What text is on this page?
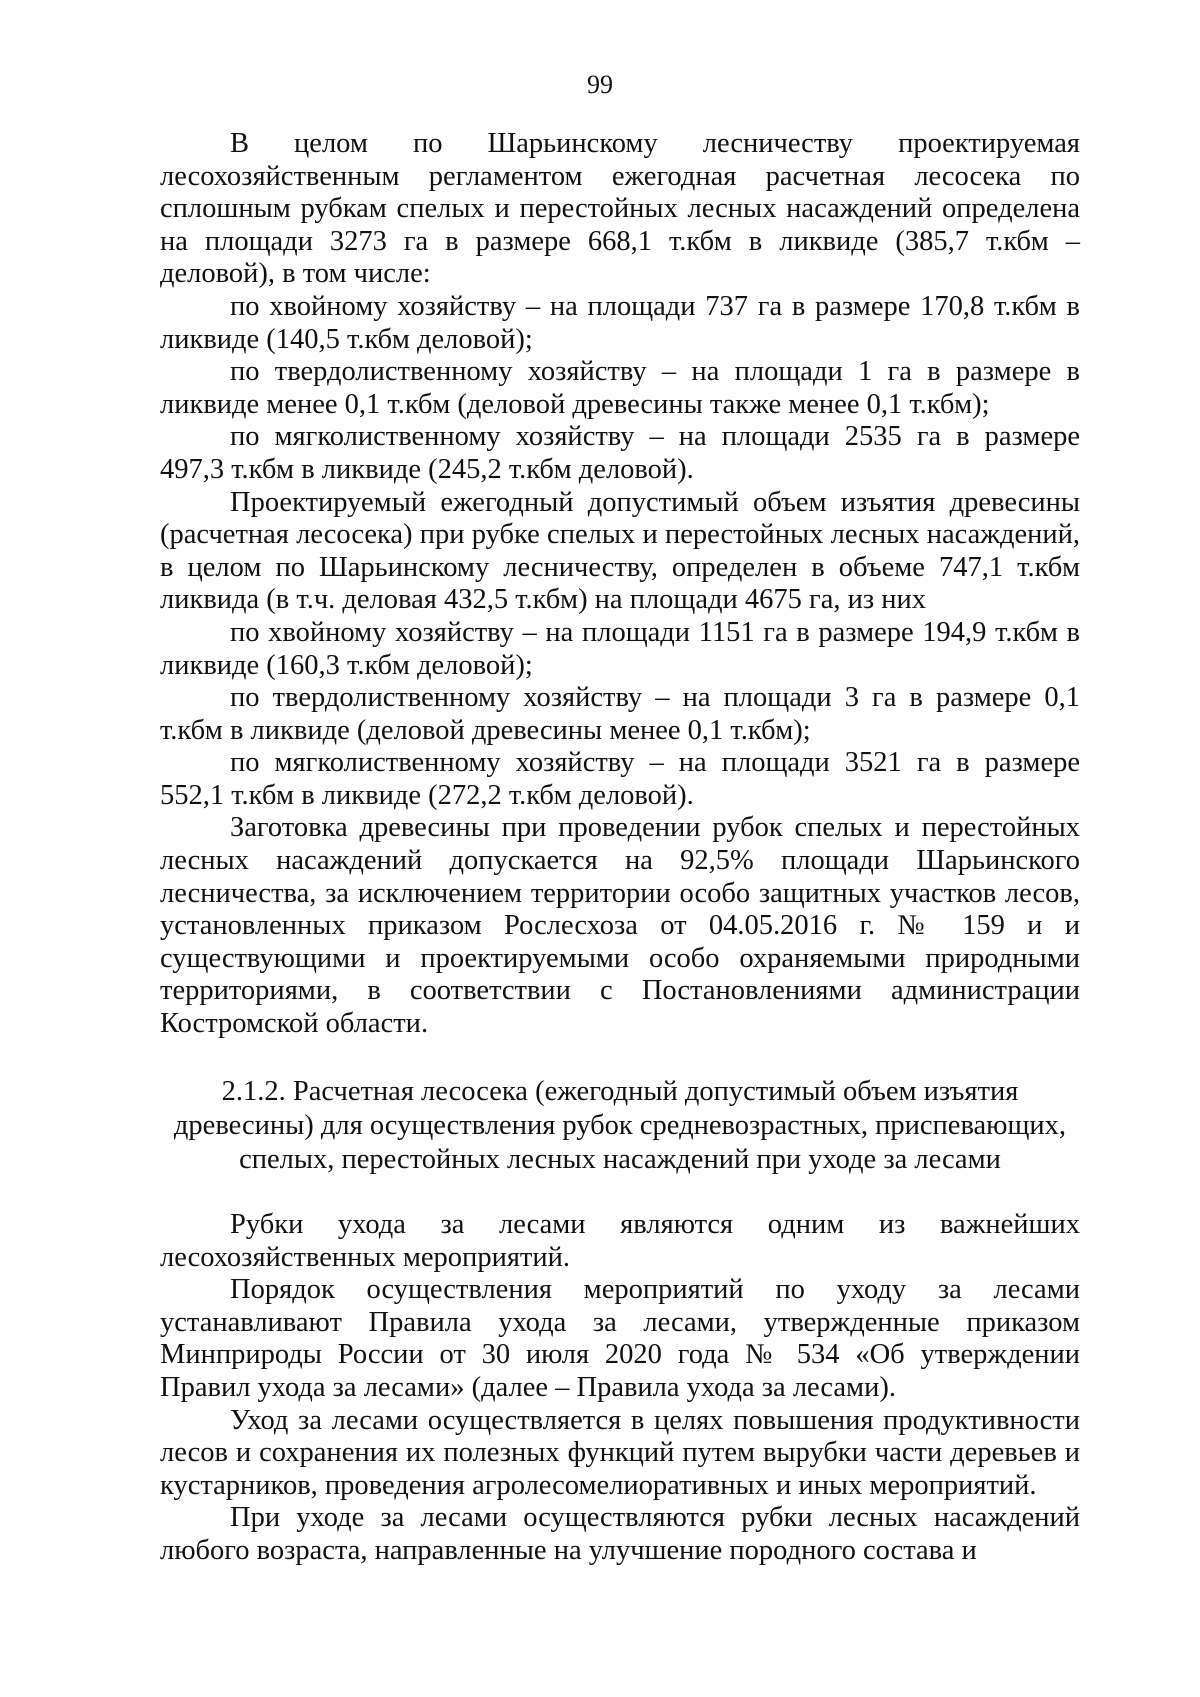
99

В целом по Шарьинскому лесничеству проектируемая лесохозяйственным регламентом ежегодная расчетная лесосека по сплошным рубкам спелых и перестойных лесных насаждений определена на площади 3273 га в размере 668,1 т.кбм в ликвиде (385,7 т.кбм – деловой), в том числе:

по хвойному хозяйству – на площади 737 га в размере 170,8 т.кбм в ликвиде (140,5 т.кбм деловой);

по твердолиственному хозяйству – на площади 1 га в размере в ликвиде менее 0,1 т.кбм (деловой древесины также менее 0,1 т.кбм);

по мягколиственному хозяйству – на площади 2535 га в размере 497,3 т.кбм в ликвиде (245,2 т.кбм деловой).

Проектируемый ежегодный допустимый объем изъятия древесины (расчетная лесосека) при рубке спелых и перестойных лесных насаждений, в целом по Шарьинскому лесничеству, определен в объеме 747,1 т.кбм ликвида (в т.ч. деловая 432,5 т.кбм) на площади 4675 га, из них

по хвойному хозяйству – на площади 1151 га в размере 194,9 т.кбм в ликвиде (160,3 т.кбм деловой);

по твердолиственному хозяйству – на площади 3 га в размере 0,1 т.кбм в ликвиде (деловой древесины менее 0,1 т.кбм);

по мягколиственному хозяйству – на площади 3521 га в размере 552,1 т.кбм в ликвиде (272,2 т.кбм деловой).

Заготовка древесины при проведении рубок спелых и перестойных лесных насаждений допускается на 92,5% площади Шарьинского лесничества, за исключением территории особо защитных участков лесов, установленных приказом Рослесхоза от 04.05.2016 г. № 159 и и существующими и проектируемыми особо охраняемыми природными территориями, в соответствии с Постановлениями администрации Костромской области.

2.1.2. Расчетная лесосека (ежегодный допустимый объем изъятия древесины) для осуществления рубок средневозрастных, приспевающих, спелых, перестойных лесных насаждений при уходе за лесами

Рубки ухода за лесами являются одним из важнейших лесохозяйственных мероприятий.

Порядок осуществления мероприятий по уходу за лесами устанавливают Правила ухода за лесами, утвержденные приказом Минприроды России от 30 июля 2020 года № 534 «Об утверждении Правил ухода за лесами» (далее – Правила ухода за лесами).

Уход за лесами осуществляется в целях повышения продуктивности лесов и сохранения их полезных функций путем вырубки части деревьев и кустарников, проведения агролесомелиоративных и иных мероприятий.

При уходе за лесами осуществляются рубки лесных насаждений любого возраста, направленные на улучшение породного состава и
